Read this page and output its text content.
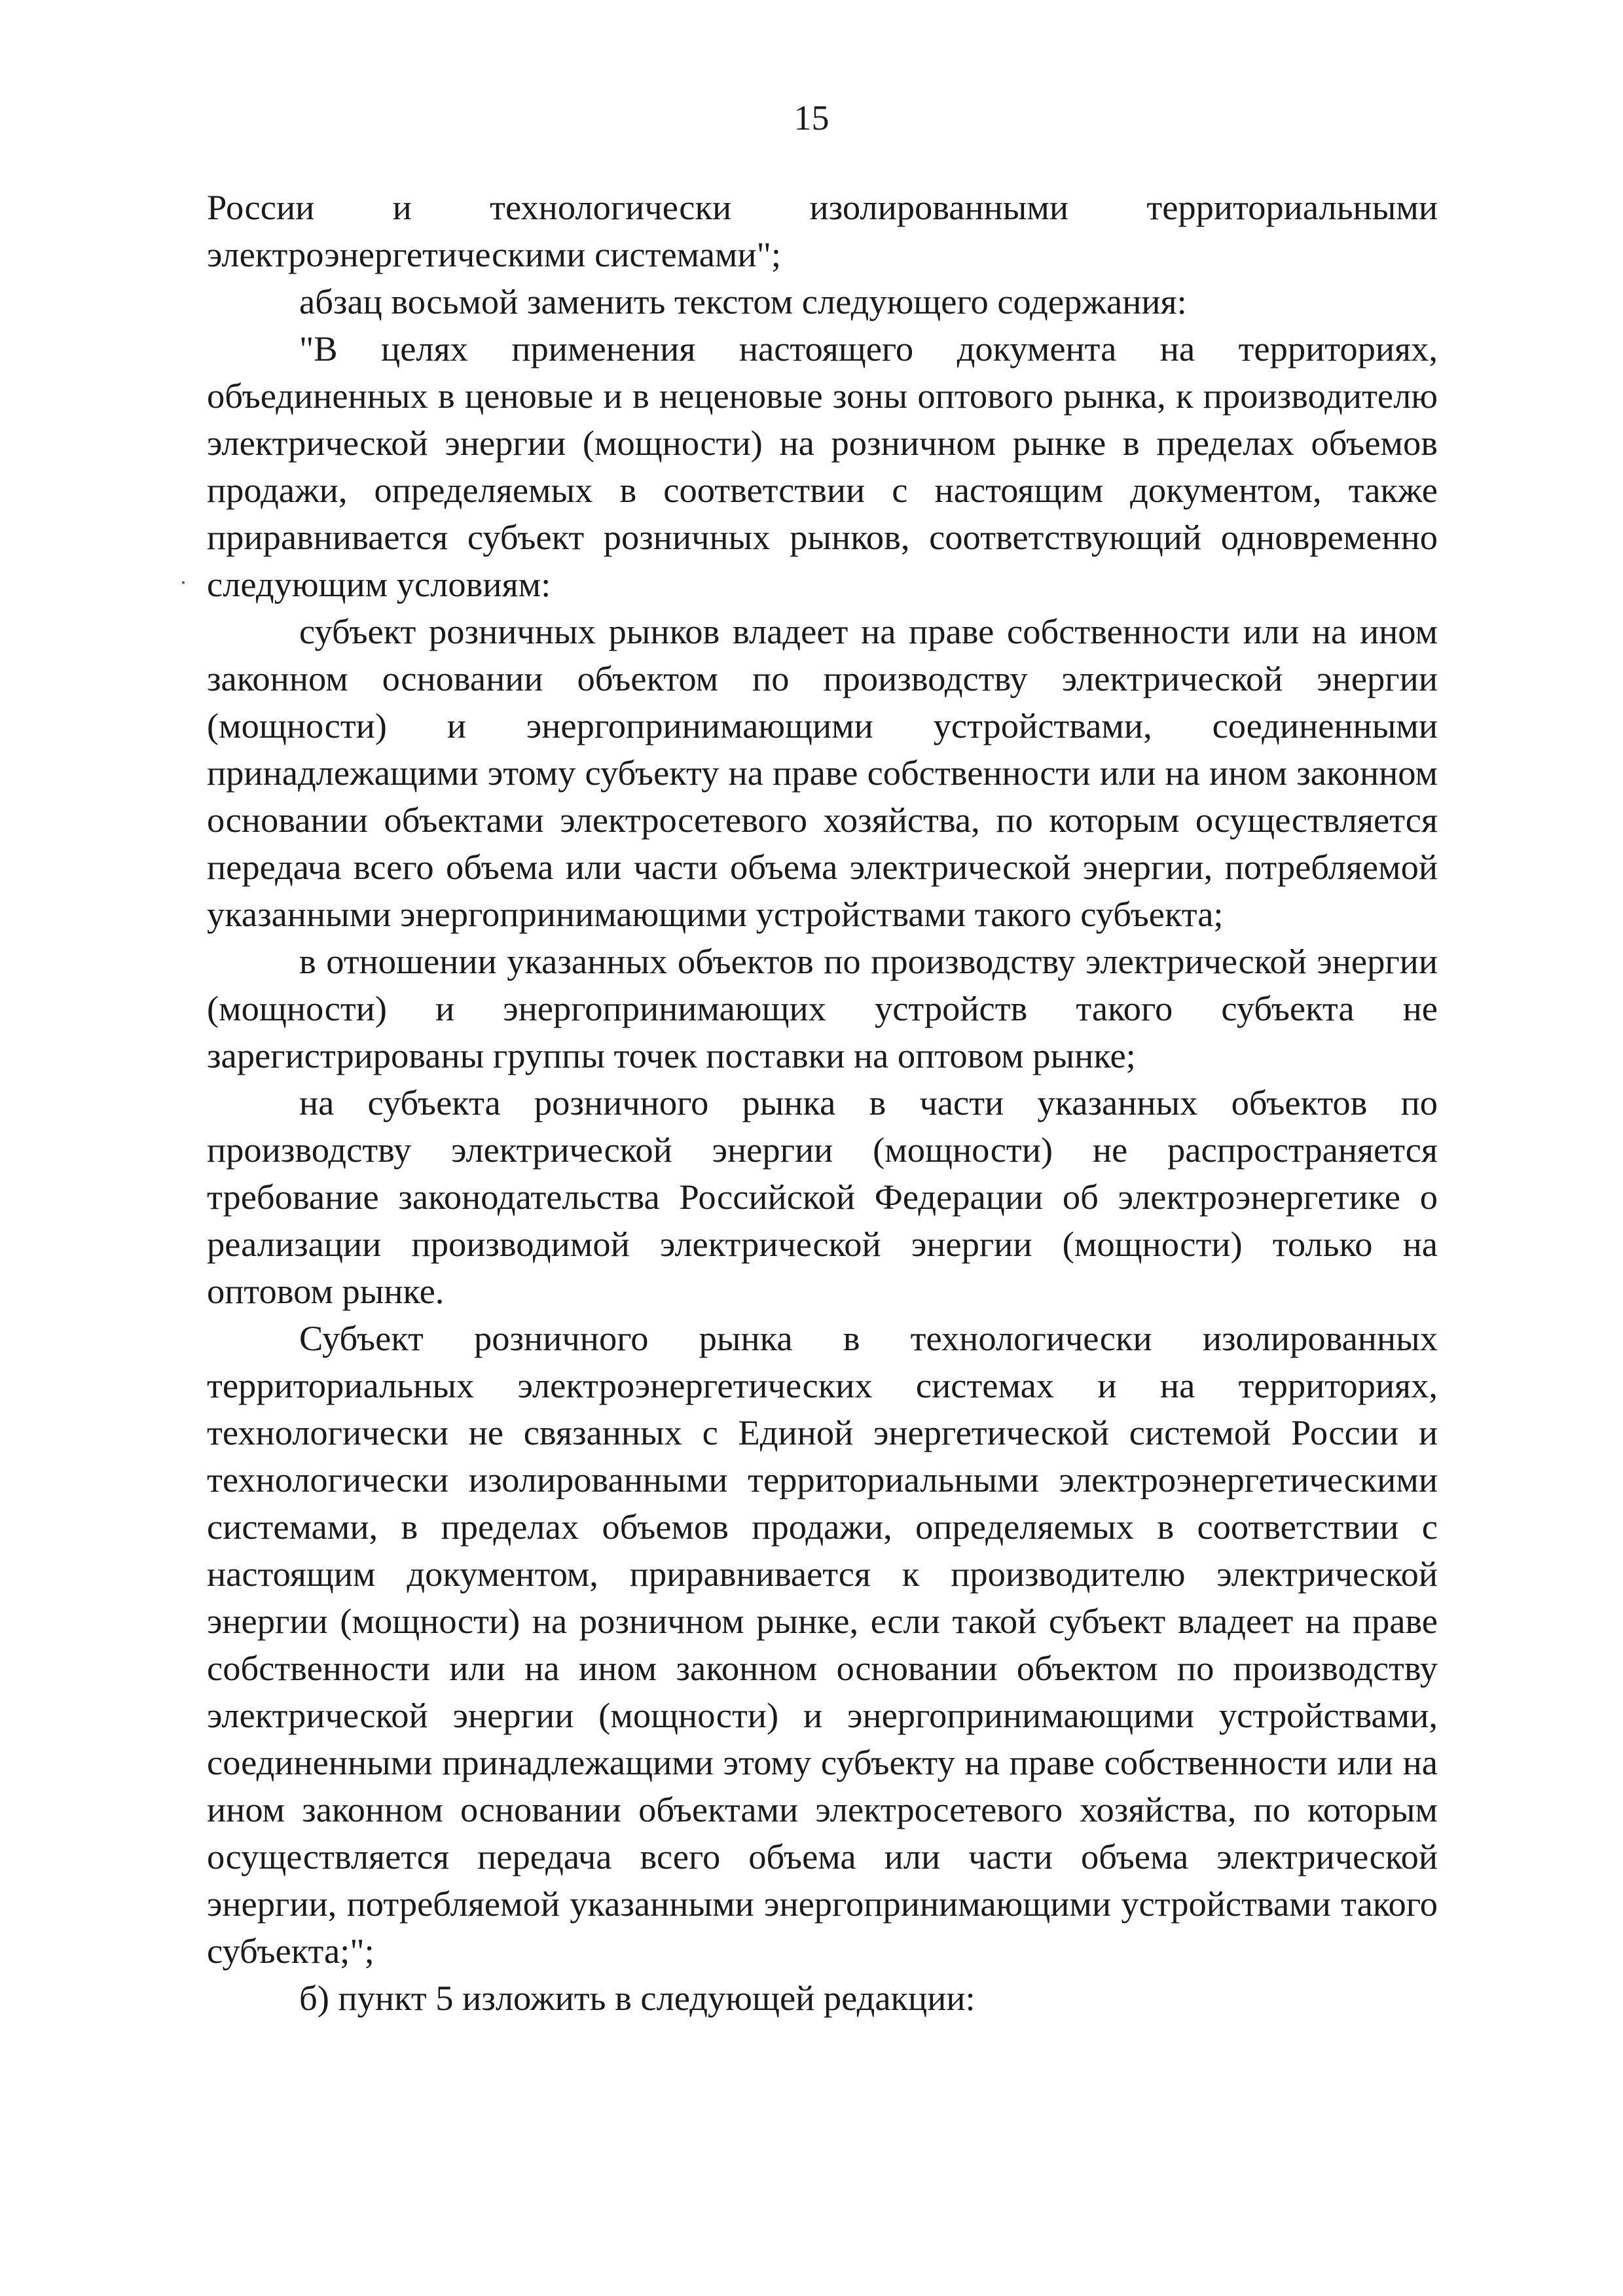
15

России и технологически изолированными территориальными электроэнергетическими системами";

абзац восьмой заменить текстом следующего содержания:

"В целях применения настоящего документа на территориях, объединенных в ценовые и в неценовые зоны оптового рынка, к производителю электрической энергии (мощности) на розничном рынке в пределах объемов продажи, определяемых в соответствии с настоящим документом, также приравнивается субъект розничных рынков, соответствующий одновременно следующим условиям:

субъект розничных рынков владеет на праве собственности или на ином законном основании объектом по производству электрической энергии (мощности) и энергопринимающими устройствами, соединенными принадлежащими этому субъекту на праве собственности или на ином законном основании объектами электросетевого хозяйства, по которым осуществляется передача всего объема или части объема электрической энергии, потребляемой указанными энергопринимающими устройствами такого субъекта;

в отношении указанных объектов по производству электрической энергии (мощности) и энергопринимающих устройств такого субъекта не зарегистрированы группы точек поставки на оптовом рынке;

на субъекта розничного рынка в части указанных объектов по производству электрической энергии (мощности) не распространяется требование законодательства Российской Федерации об электроэнергетике о реализации производимой электрической энергии (мощности) только на оптовом рынке.

Субъект розничного рынка в технологически изолированных территориальных электроэнергетических системах и на территориях, технологически не связанных с Единой энергетической системой России и технологически изолированными территориальными электроэнергетическими системами, в пределах объемов продажи, определяемых в соответствии с настоящим документом, приравнивается к производителю электрической энергии (мощности) на розничном рынке, если такой субъект владеет на праве собственности или на ином законном основании объектом по производству электрической энергии (мощности) и энергопринимающими устройствами, соединенными принадлежащими этому субъекту на праве собственности или на ином законном основании объектами электросетевого хозяйства, по которым осуществляется передача всего объема или части объема электрической энергии, потребляемой указанными энергопринимающими устройствами такого субъекта;";

б) пункт 5 изложить в следующей редакции:
